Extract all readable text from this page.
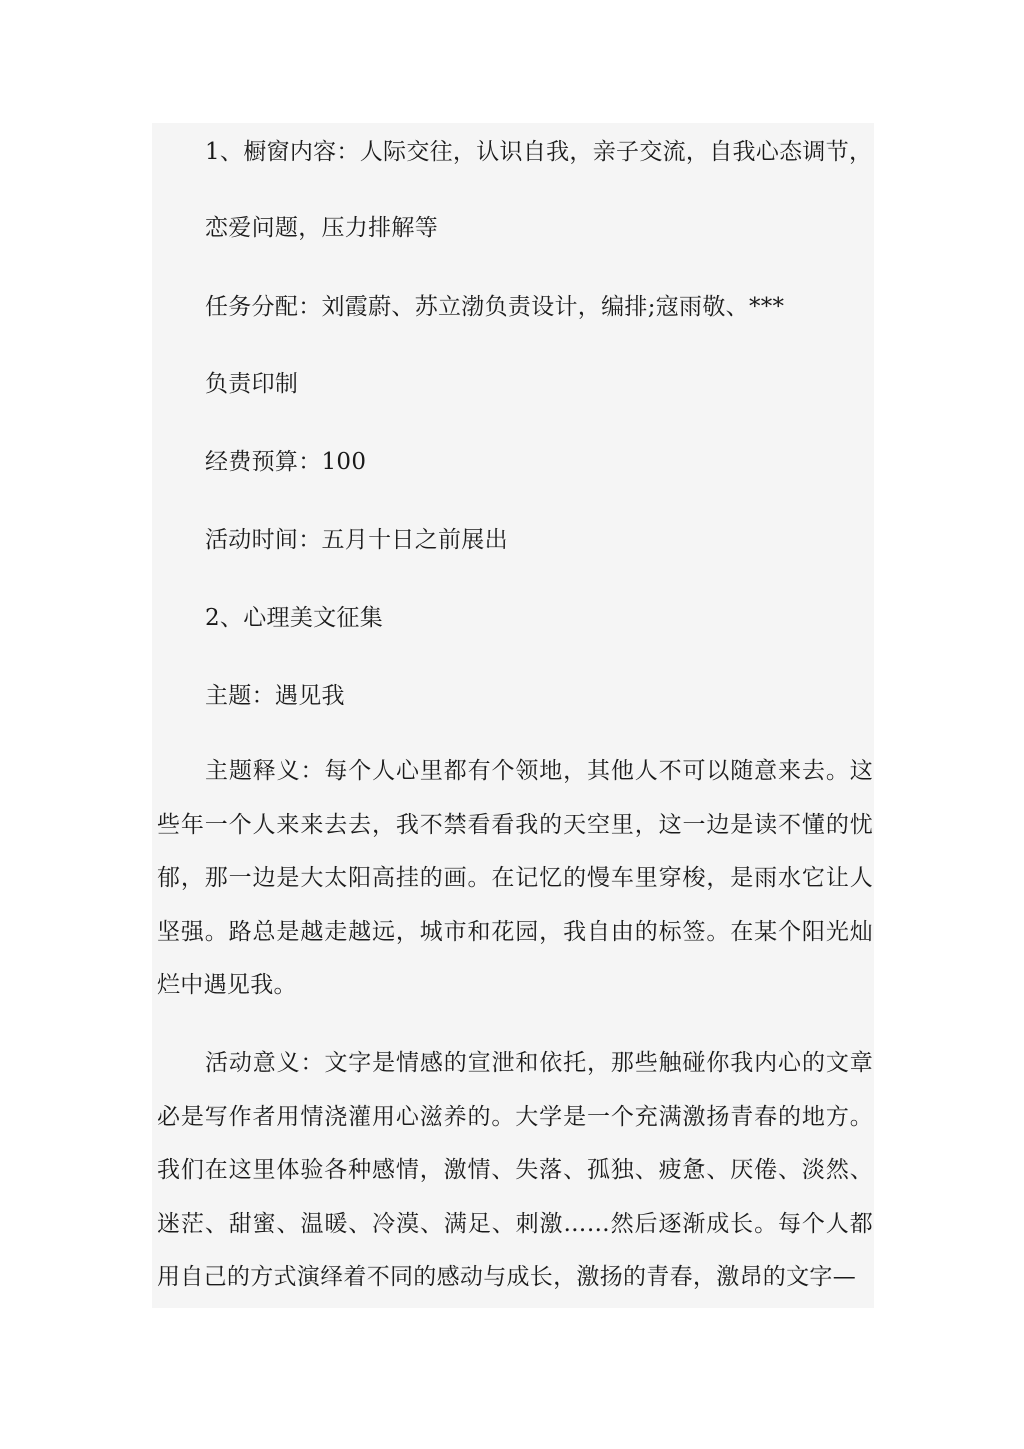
1、橱窗内容：人际交往，认识自我，亲子交流，自我心态调节，
恋爱问题，压力排解等
任务分配：刘霞蔚、苏立渤负责设计，编排;寇雨敬、***
负责印制
经费预算：100
活动时间：五月十日之前展出
2、心理美文征集
主题：遇见我
主题释义：每个人心里都有个领地，其他人不可以随意来去。这些年一个人来来去去，我不禁看看我的天空里，这一边是读不懂的忧郁，那一边是大太阳高挂的画。在记忆的慢车里穿梭，是雨水它让人坚强。路总是越走越远，城市和花园，我自由的标签。在某个阳光灿烂中遇见我。
活动意义：文字是情感的宣泄和依托，那些触碰你我内心的文章必是写作者用情浇灌用心滋养的。大学是一个充满激扬青春的地方。我们在这里体验各种感情，激情、失落、孤独、疲惫、厌倦、淡然、迷茫、甜蜜、温暖、冷漠、满足、刺激……然后逐渐成长。每个人都用自己的方式演绎着不同的感动与成长，激扬的青春，激昂的文字—
